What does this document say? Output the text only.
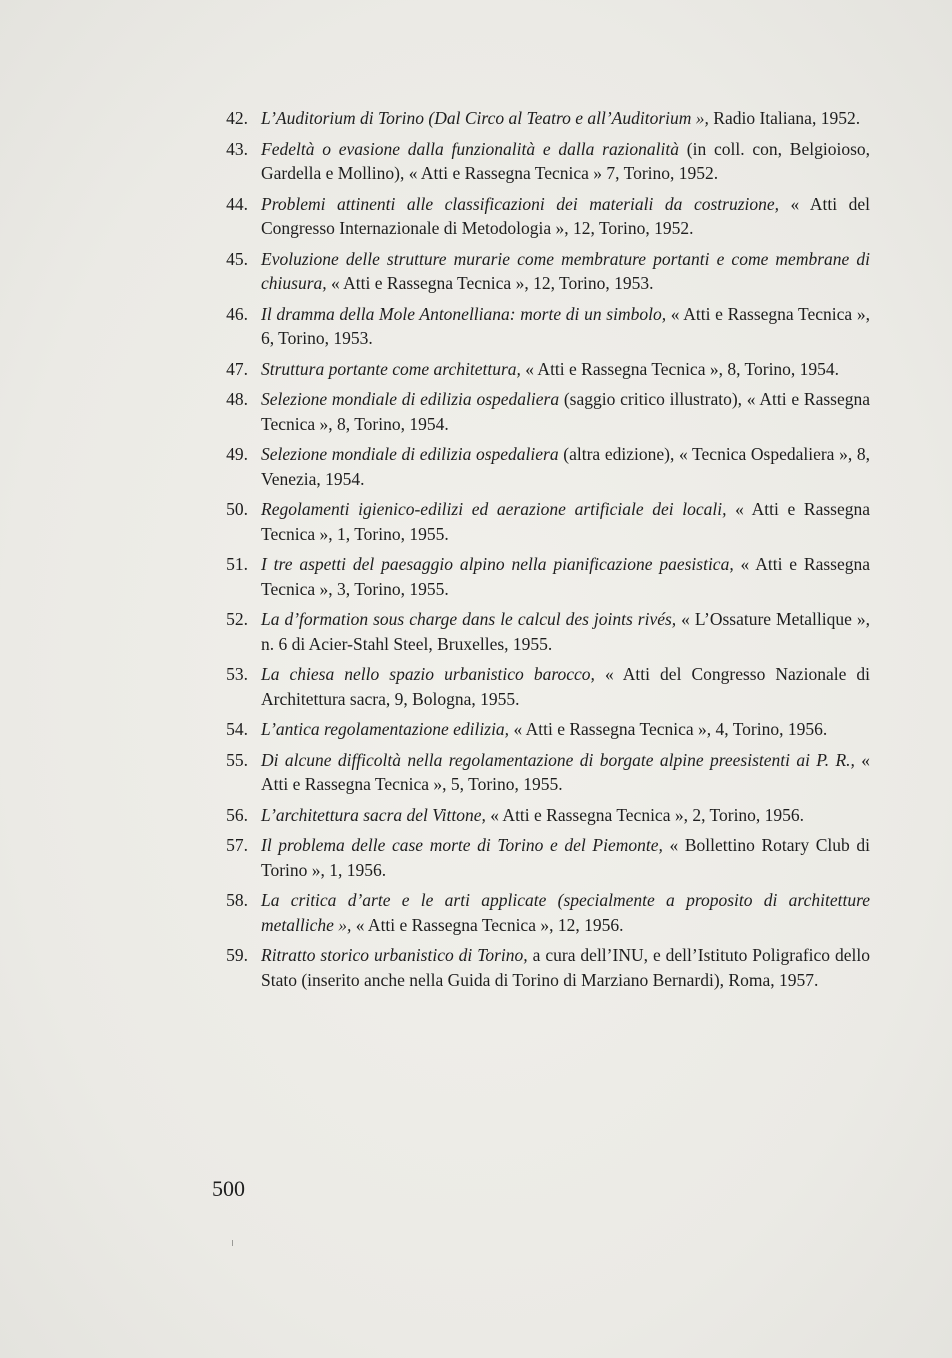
42. L’Auditorium di Torino (Dal Circo al Teatro e all’Auditorium », Radio Italiana, 1952.
43. Fedeltà o evasione dalla funzionalità e dalla razionalità (in coll. con, Belgioioso, Gardella e Mollino), « Atti e Rassegna Tecnica » 7, Torino, 1952.
44. Problemi attinenti alle classificazioni dei materiali da costruzione, « Atti del Congresso Internazionale di Metodologia », 12, Torino, 1952.
45. Evoluzione delle strutture murarie come membrature portanti e come membrane di chiusura, « Atti e Rassegna Tecnica », 12, Torino, 1953.
46. Il dramma della Mole Antonelliana: morte di un simbolo, « Atti e Rassegna Tecnica », 6, Torino, 1953.
47. Struttura portante come architettura, « Atti e Rassegna Tecnica », 8, Torino, 1954.
48. Selezione mondiale di edilizia ospedaliera (saggio critico illustrato), « Atti e Rassegna Tecnica », 8, Torino, 1954.
49. Selezione mondiale di edilizia ospedaliera (altra edizione), « Tecnica Ospedaliera », 8, Venezia, 1954.
50. Regolamenti igienico-edilizi ed aerazione artificiale dei locali, « Atti e Rassegna Tecnica », 1, Torino, 1955.
51. I tre aspetti del paesaggio alpino nella pianificazione paesistica, « Atti e Rassegna Tecnica », 3, Torino, 1955.
52. La d’formation sous charge dans le calcul des joints rivés, « L’Ossature Metallique », n. 6 di Acier-Stahl Steel, Bruxelles, 1955.
53. La chiesa nello spazio urbanistico barocco, « Atti del Congresso Nazionale di Architettura sacra, 9, Bologna, 1955.
54. L’antica regolamentazione edilizia, « Atti e Rassegna Tecnica », 4, Torino, 1956.
55. Di alcune difficoltà nella regolamentazione di borgate alpine preesistenti ai P. R., « Atti e Rassegna Tecnica », 5, Torino, 1955.
56. L’architettura sacra del Vittone, « Atti e Rassegna Tecnica », 2, Torino, 1956.
57. Il problema delle case morte di Torino e del Piemonte, « Bollettino Rotary Club di Torino », 1, 1956.
58. La critica d’arte e le arti applicate (specialmente a proposito di architetture metalliche », « Atti e Rassegna Tecnica », 12, 1956.
59. Ritratto storico urbanistico di Torino, a cura dell’INU, e dell’Istituto Poligrafico dello Stato (inserito anche nella Guida di Torino di Marziano Bernardi), Roma, 1957.
500
